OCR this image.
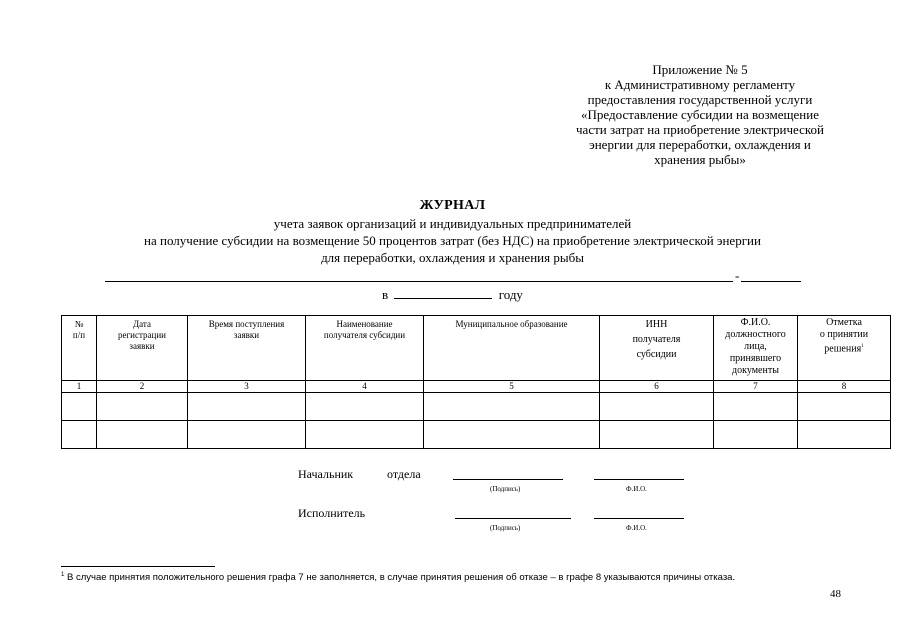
Приложение № 5
к Административному регламенту
предоставления государственной услуги
«Предоставление субсидии на возмещение
части затрат на приобретение электрической
энергии для переработки, охлаждения и
хранения рыбы»
ЖУРНАЛ
учета заявок организаций и индивидуальных предпринимателей
на получение субсидии на возмещение 50 процентов затрат (без НДС) на приобретение электрической энергии
для переработки, охлаждения и хранения рыбы
-
в	году
№
п/п	Дата
регистрации
заявки	Время поступления
заявки	Наименование
получателя субсидии	Муниципальное образование	ИНН
получателя
субсидии	Ф.И.О.
должностного
лица,
принявшего
документы	Отметка
о принятии
решения$^1$

1	2	3	4	5	6	7	8

Начальник	отдела
(Подпись)	Ф.И.О.
Исполнитель
(Подпись)	Ф.И.О.
$^1$ В случае принятия положительного решения графа 7 не заполняется, в случае принятия решения об отказе – в графе 8 указываются причины отказа.
48
